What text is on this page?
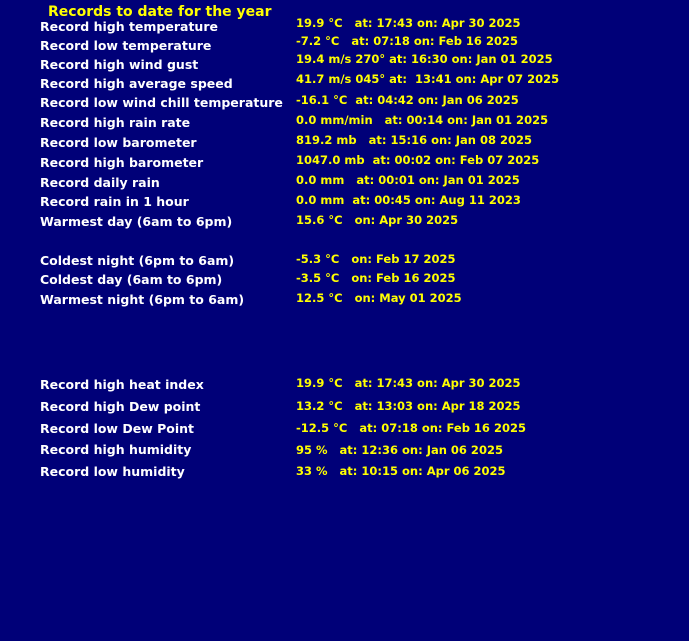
Records to date for the year
Record high temperature	19.9 °C   at: 17:43 on: Apr 30 2025
Record low temperature	-7.2 °C   at: 07:18 on: Feb 16 2025
Record high wind gust	19.4 m/s 270° at: 16:30 on: Jan 01 2025
Record high average speed	41.7 m/s 045° at:  13:41 on: Apr 07 2025
Record low wind chill temperature -16.1 °C  at: 04:42 on: Jan 06 2025
Record high rain rate	0.0 mm/min   at: 00:14 on: Jan 01 2025
Record low barometer	819.2 mb   at: 15:16 on: Jan 08 2025
Record high barometer	1047.0 mb  at: 00:02 on: Feb 07 2025
Record daily rain	0.0 mm   at: 00:01 on: Jan 01 2025
Record rain in 1 hour	0.0 mm  at: 00:45 on: Aug 11 2023
Warmest day (6am to 6pm)	15.6 °C   on: Apr 30 2025
Coldest night (6pm to 6am)	-5.3 °C   on: Feb 17 2025
Coldest day (6am to 6pm)	-3.5 °C   on: Feb 16 2025
Warmest night (6pm to 6am)	12.5 °C   on: May 01 2025
Record high heat index	19.9 °C   at: 17:43 on: Apr 30 2025
Record high Dew point	13.2 °C   at: 13:03 on: Apr 18 2025
Record low Dew Point	-12.5 °C   at: 07:18 on: Feb 16 2025
Record high humidity	95 %   at: 12:36 on: Jan 06 2025
Record low humidity	33 %   at: 10:15 on: Apr 06 2025
